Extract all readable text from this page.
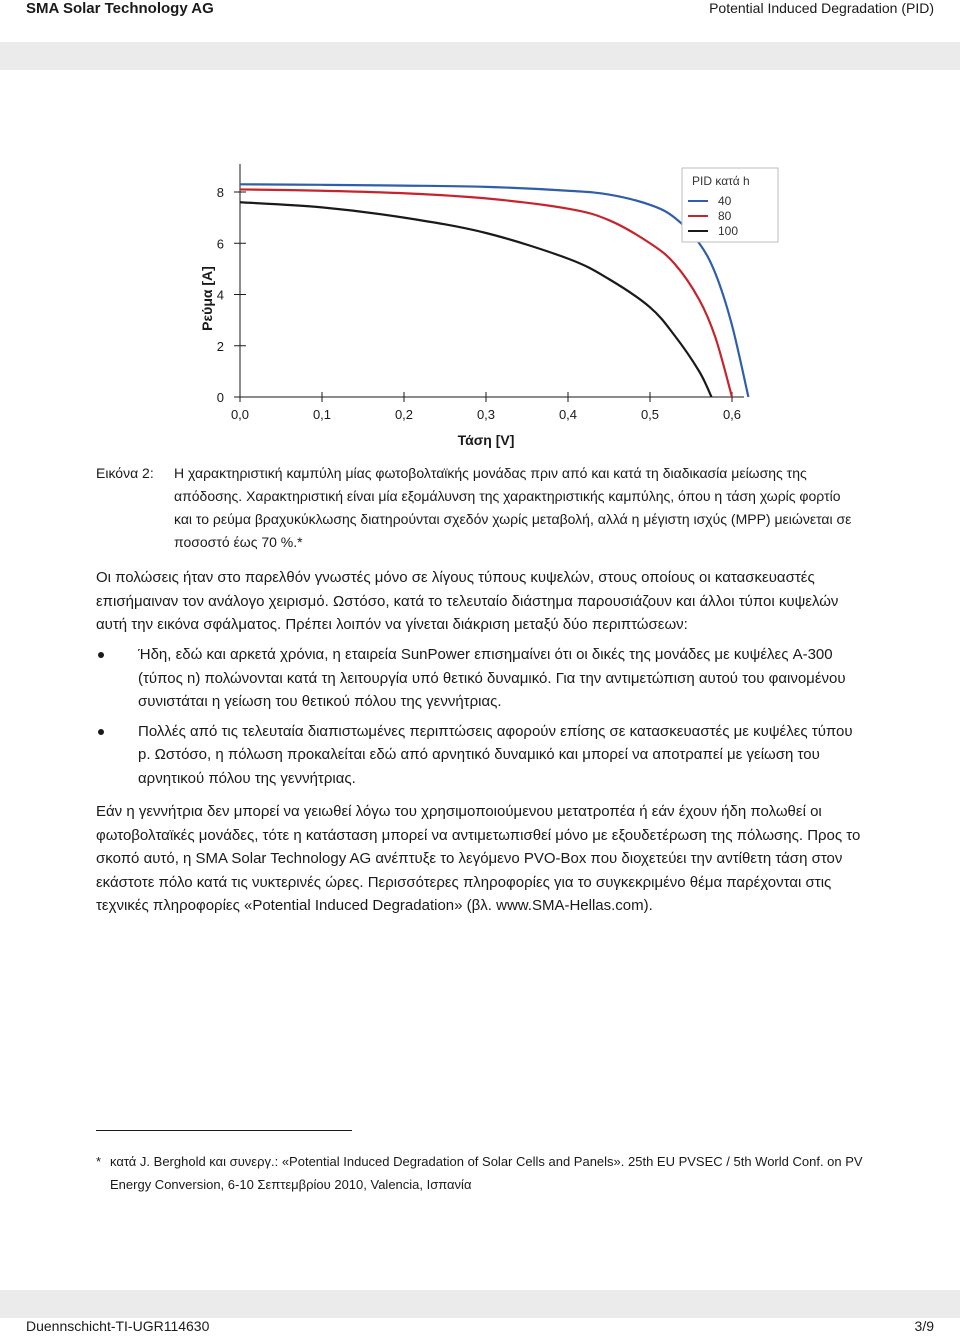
SMA Solar Technology AG	Potential Induced Degradation (PID)
0
2
4
6
8
0,0	0,1	0,2	0,3	0,4	0,5	0,6
Τάση [V]
Ρεύμα [A]
PID κατά h
40
80
100
Εικόνα 2: Η χαρακτηριστική καμπύλη μίας φωτοβολταϊκής μονάδας πριν από και κατά τη διαδικασία μείωσης της απόδοσης. Χαρακτηριστική είναι μία εξομάλυνση της χαρακτηριστικής καμπύλης, όπου η τάση χωρίς φορτίο και το ρεύμα βραχυκύκλωσης διατηρούνται σχεδόν χωρίς μεταβολή, αλλά η μέγιστη ισχύς (MPP) μειώνεται σε ποσοστό έως 70 %.*
Οι πολώσεις ήταν στο παρελθόν γνωστές μόνο σε λίγους τύπους κυψελών, στους οποίους οι κατασκευαστές επισήμαιναν τον ανάλογο χειρισμό. Ωστόσο, κατά το τελευταίο διάστημα παρουσιάζουν και άλλοι τύποι κυψελών αυτή την εικόνα σφάλματος. Πρέπει λοιπόν να γίνεται διάκριση μεταξύ δύο περιπτώσεων:
Ήδη, εδώ και αρκετά χρόνια, η εταιρεία SunPower επισημαίνει ότι οι δικές της μονάδες με κυψέλες A-300 (τύπος n) πολώνονται κατά τη λειτουργία υπό θετικό δυναμικό. Για την αντιμετώπιση αυτού του φαινομένου συνιστάται η γείωση του θετικού πόλου της γεννήτριας.
Πολλές από τις τελευταία διαπιστωμένες περιπτώσεις αφορούν επίσης σε κατασκευαστές με κυψέλες τύπου p. Ωστόσο, η πόλωση προκαλείται εδώ από αρνητικό δυναμικό και μπορεί να αποτραπεί με γείωση του αρνητικού πόλου της γεννήτριας.
Εάν η γεννήτρια δεν μπορεί να γειωθεί λόγω του χρησιμοποιούμενου μετατροπέα ή εάν έχουν ήδη πολωθεί οι φωτοβολταϊκές μονάδες, τότε η κατάσταση μπορεί να αντιμετωπισθεί μόνο με εξουδετέρωση της πόλωσης. Προς το σκοπό αυτό, η SMA Solar Technology AG ανέπτυξε το λεγόμενο PVO-Box που διοχετεύει την αντίθετη τάση στον εκάστοτε πόλο κατά τις νυκτερινές ώρες. Περισσότερες πληροφορίες για το συγκεκριμένο θέμα παρέχονται στις τεχνικές πληροφορίες «Potential Induced Degradation» (βλ. www.SMA-Hellas.com).
* κατά J. Berghold και συνεργ.: «Potential Induced Degradation of Solar Cells and Panels». 25th EU PVSEC / 5th World Conf. on PV Energy Conversion, 6-10 Σεπτεμβρίου 2010, Valencia, Ισπανία
Duennschicht-TI-UGR114630	3/9
